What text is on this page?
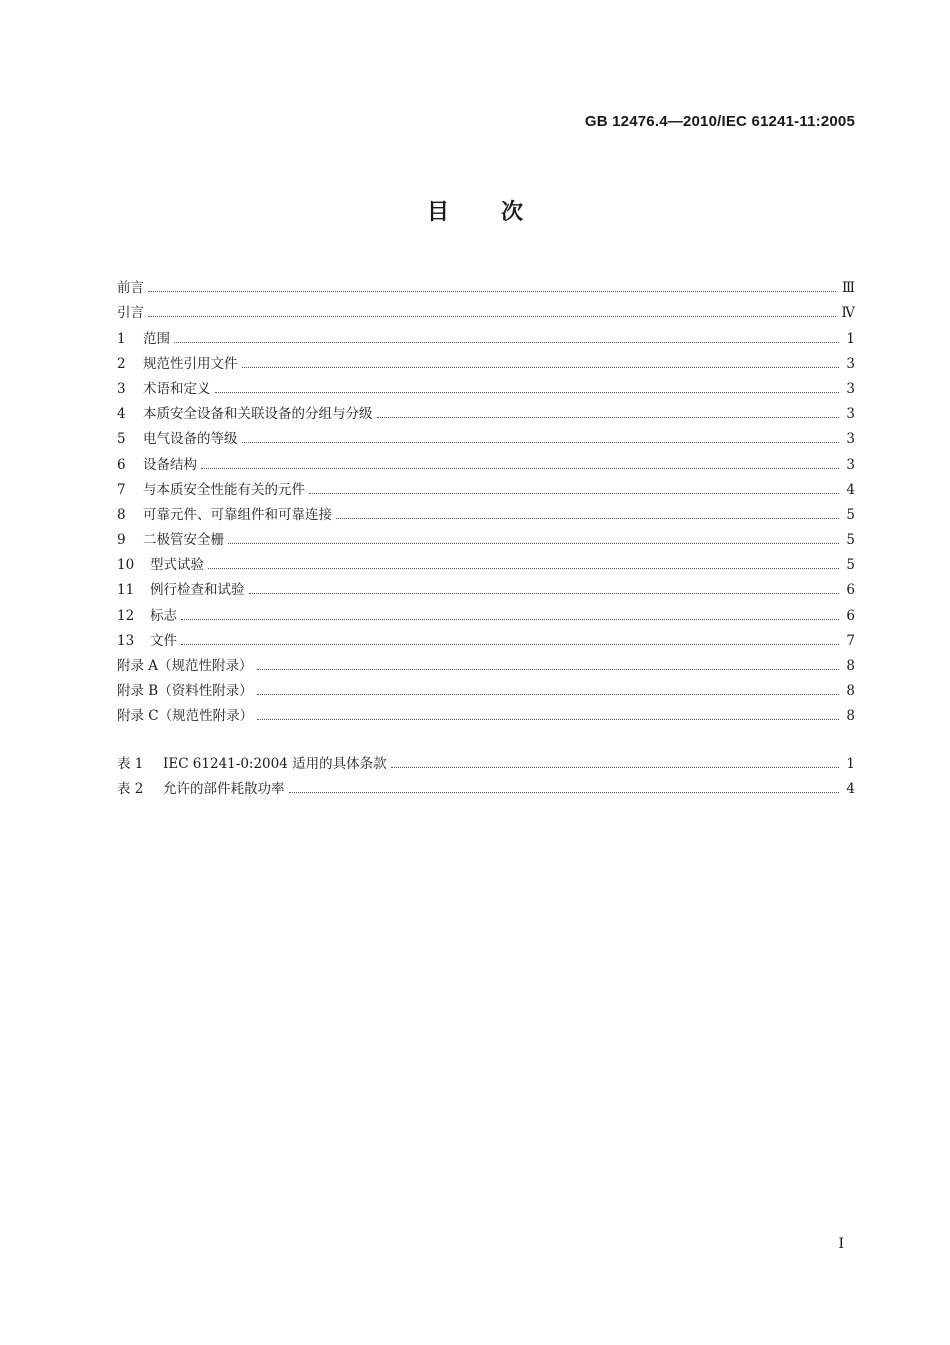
GB 12476.4—2010/IEC 61241-11:2005
目次
前言	Ⅲ
引言	Ⅳ
1	范围	1
2	规范性引用文件	3
3	术语和定义	3
4	本质安全设备和关联设备的分组与分级	3
5	电气设备的等级	3
6	设备结构	3
7	与本质安全性能有关的元件	4
8	可靠元件、可靠组件和可靠连接	5
9	二极管安全栅	5
10	型式试验	5
11	例行检查和试验	6
12	标志	6
13	文件	7
附录 A（规范性附录）	8
附录 B（资料性附录）	8
附录 C（规范性附录）	8
表 1	IEC 61241-0:2004 适用的具体条款	1
表 2	允许的部件耗散功率	4
I
